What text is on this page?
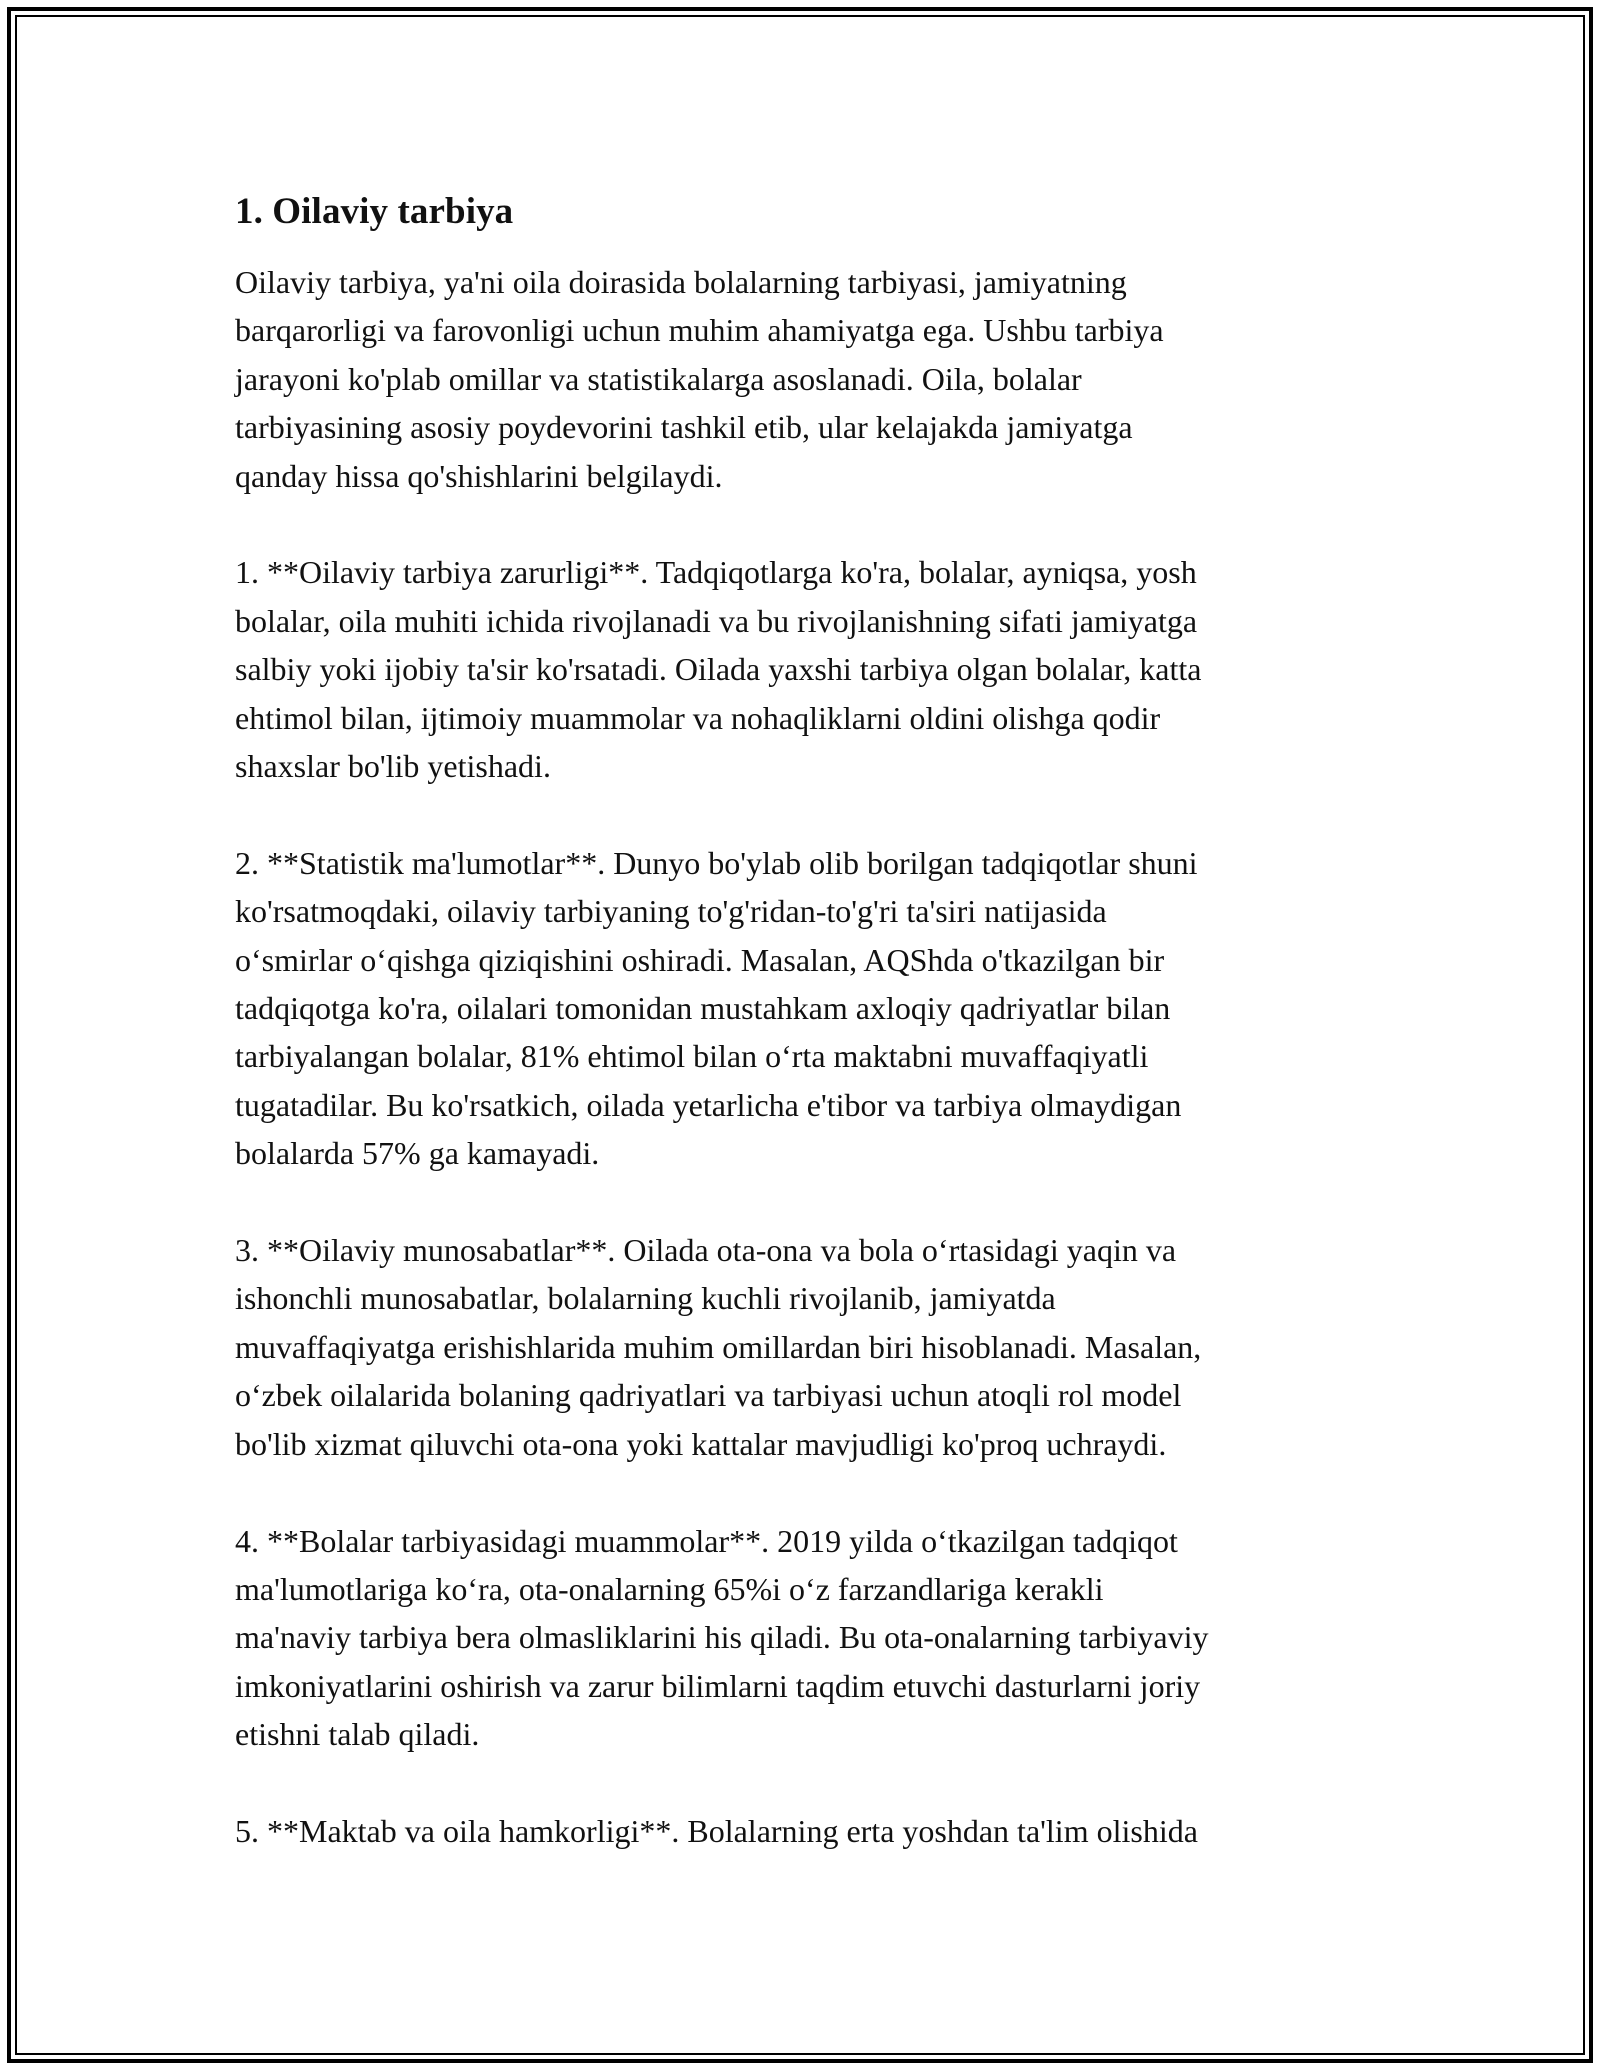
1. Oilaviy tarbiya
Oilaviy tarbiya, ya'ni oila doirasida bolalarning tarbiyasi, jamiyatning
barqarorligi va farovonligi uchun muhim ahamiyatga ega. Ushbu tarbiya
jarayoni ko'plab omillar va statistikalarga asoslanadi. Oila, bolalar
tarbiyasining asosiy poydevorini tashkil etib, ular kelajakda jamiyatga
qanday hissa qo'shishlarini belgilaydi.
1. **Oilaviy tarbiya zarurligi**. Tadqiqotlarga ko'ra, bolalar, ayniqsa, yosh
bolalar, oila muhiti ichida rivojlanadi va bu rivojlanishning sifati jamiyatga
salbiy yoki ijobiy ta'sir ko'rsatadi. Oilada yaxshi tarbiya olgan bolalar, katta
ehtimol bilan, ijtimoiy muammolar va nohaqliklarni oldini olishga qodir
shaxslar bo'lib yetishadi.
2. **Statistik ma'lumotlar**. Dunyo bo'ylab olib borilgan tadqiqotlar shuni
ko'rsatmoqdaki, oilaviy tarbiyaning to'g'ridan-to'g'ri ta'siri natijasida
oʻsmirlar oʻqishga qiziqishini oshiradi. Masalan, AQShda o'tkazilgan bir
tadqiqotga ko'ra, oilalari tomonidan mustahkam axloqiy qadriyatlar bilan
tarbiyalangan bolalar, 81% ehtimol bilan oʻrta maktabni muvaffaqiyatli
tugatadilar. Bu ko'rsatkich, oilada yetarlicha e'tibor va tarbiya olmaydigan
bolalarda 57% ga kamayadi.
3. **Oilaviy munosabatlar**. Oilada ota-ona va bola oʻrtasidagi yaqin va
ishonchli munosabatlar, bolalarning kuchli rivojlanib, jamiyatda
muvaffaqiyatga erishishlarida muhim omillardan biri hisoblanadi. Masalan,
oʻzbek oilalarida bolaning qadriyatlari va tarbiyasi uchun atoqli rol model
bo'lib xizmat qiluvchi ota-ona yoki kattalar mavjudligi ko'proq uchraydi.
4. **Bolalar tarbiyasidagi muammolar**. 2019 yilda oʻtkazilgan tadqiqot
ma'lumotlariga koʻra, ota-onalarning 65%i oʻz farzandlariga kerakli
ma'naviy tarbiya bera olmasliklarini his qiladi. Bu ota-onalarning tarbiyaviy
imkoniyatlarini oshirish va zarur bilimlarni taqdim etuvchi dasturlarni joriy
etishni talab qiladi.
5. **Maktab va oila hamkorligi**. Bolalarning erta yoshdan ta'lim olishida
